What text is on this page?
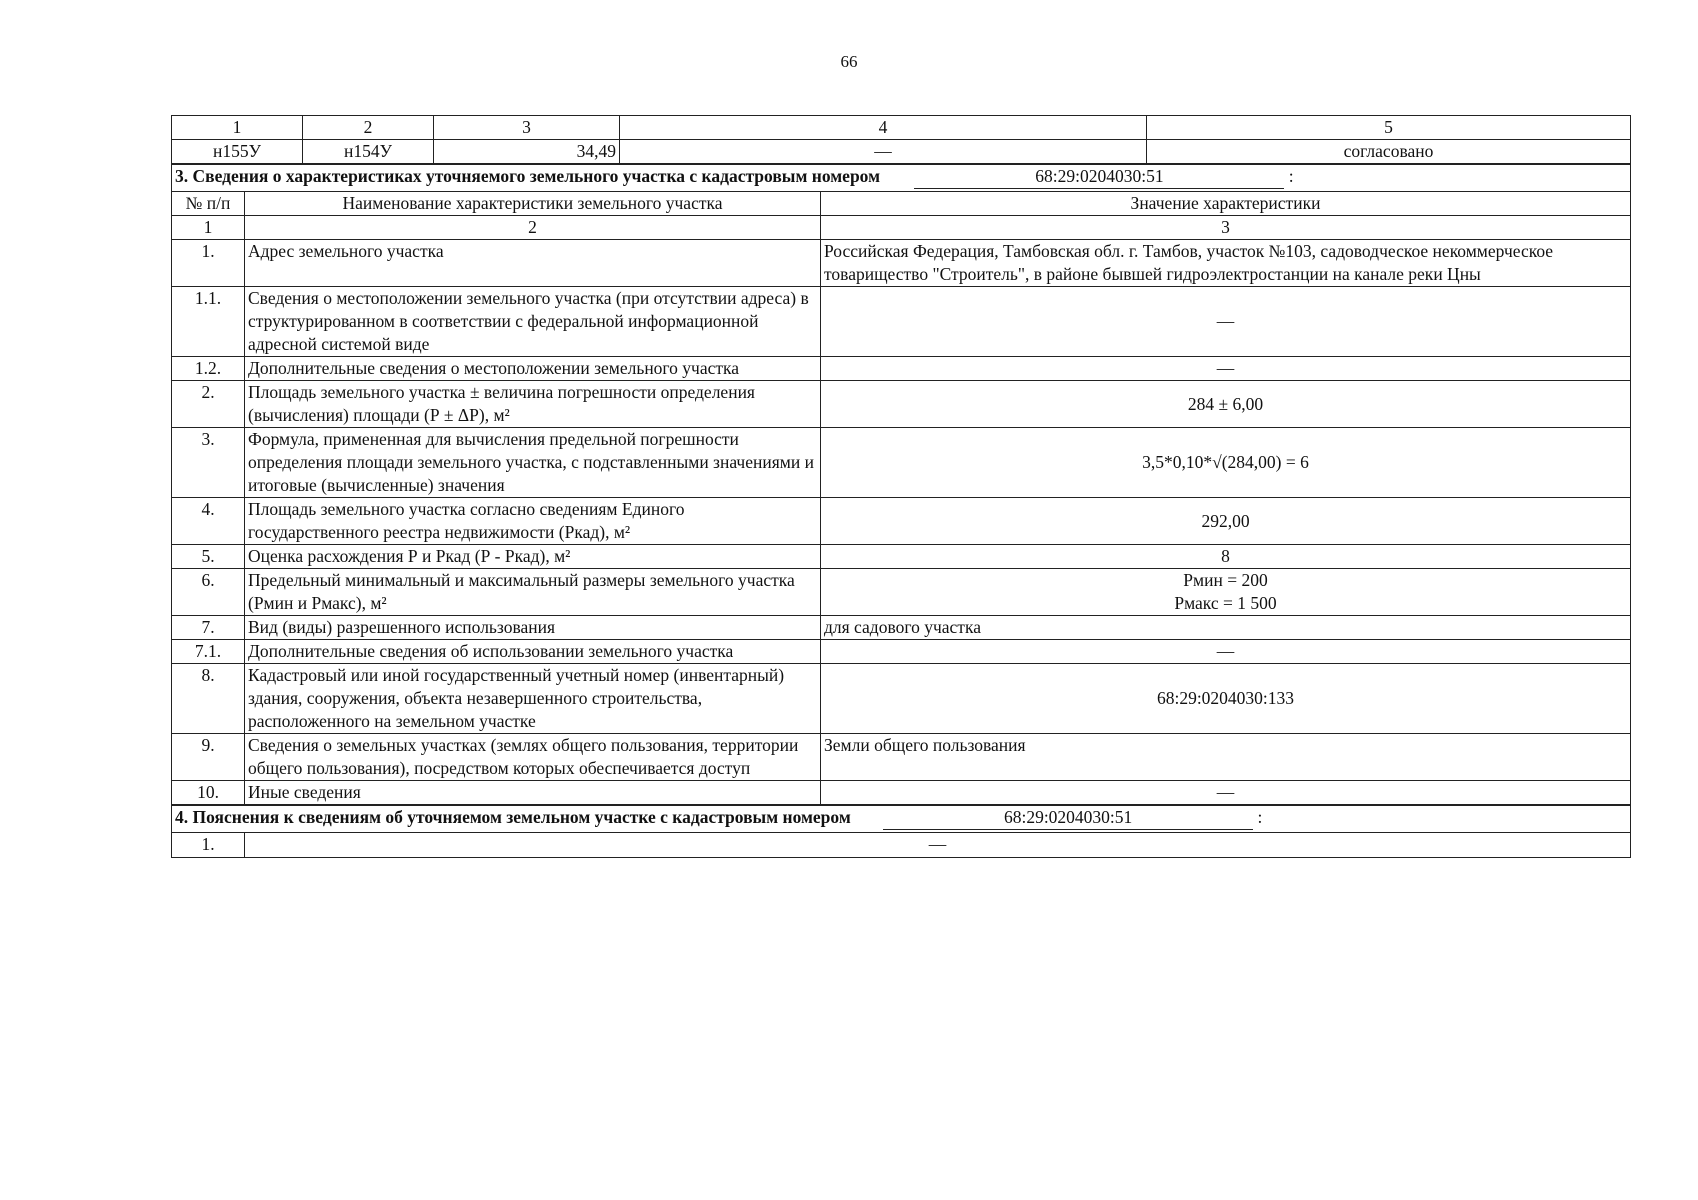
66
1	2	3	4	5
н155У	н154У	34,49	—	согласовано
3. Сведения о характеристиках уточняемого земельного участка с кадастровым номером 68:29:0204030:51 :		
№ п/п	Наименование характеристики земельного участка	Значение характеристики
1	2	3
1.	Адрес земельного участка	Российская Федерация, Тамбовская обл. г. Тамбов, участок №103, садоводческое некоммерческое товарищество "Строитель", в районе бывшей гидроэлектростанции на канале реки Цны
1.1.	Сведения о местоположении земельного участка (при отсутствии адреса) в структурированном в соответствии с федеральной информационной адресной системой виде	—
1.2.	Дополнительные сведения о местоположении земельного участка	—
2.	Площадь земельного участка ± величина погрешности определения (вычисления) площади (Р ± ΔР), м²	284 ± 6,00
3.	Формула, примененная для вычисления предельной погрешности определения площади земельного участка, с подставленными значениями и итоговые (вычисленные) значения	3,5*0,10*√(284,00) = 6
4.	Площадь земельного участка согласно сведениям Единого государственного реестра недвижимости (Ркад), м²	292,00
5.	Оценка расхождения Р и Ркад (Р - Ркад), м²	8
6.	Предельный минимальный и максимальный размеры земельного участка (Рмин и Рмакс), м²	Рмин = 200
Рмакс = 1 500

7.	Вид (виды) разрешенного использования	для садового участка
7.1.	Дополнительные сведения об использовании земельного участка	—
8.	Кадастровый или иной государственный учетный номер (инвентарный) здания, сооружения, объекта незавершенного строительства, расположенного на земельном участке	68:29:0204030:133
9.	Сведения о земельных участках (землях общего пользования, территории общего пользования), посредством которых обеспечивается доступ	Земли общего пользования
10.	Иные сведения	—
4. Пояснения к сведениям об уточняемом земельном участке с кадастровым номером	68:29:0204030:51	:
1.	—
